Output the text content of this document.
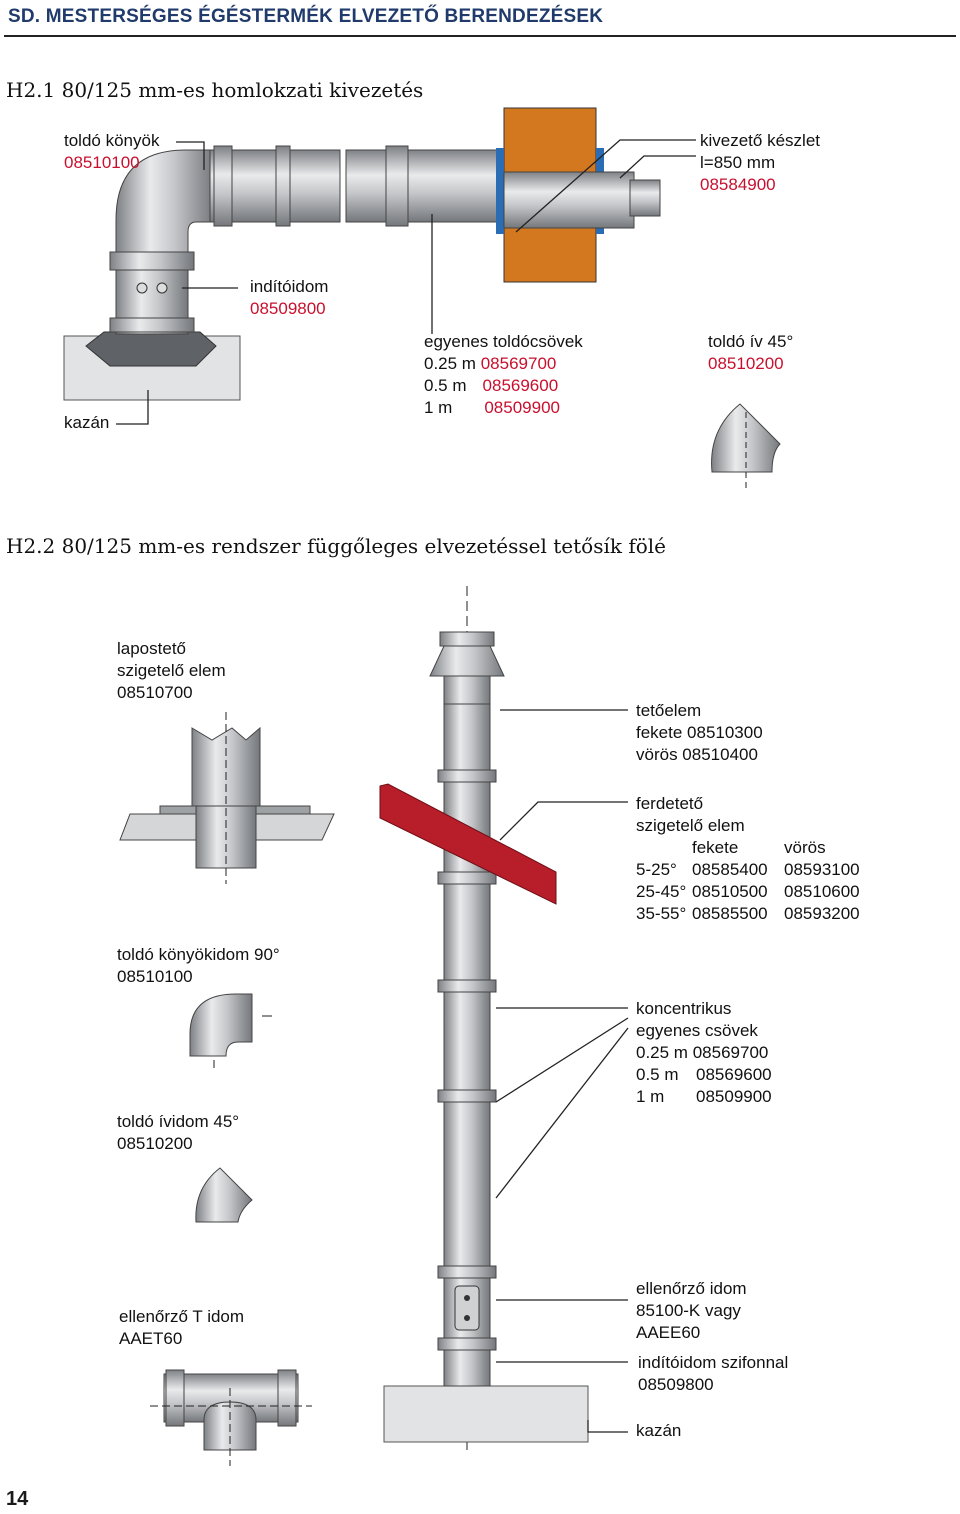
SD. MESTERSÉGES ÉGÉSTERMÉK ELVEZETŐ BERENDEZÉSEK
H2.1 80/125 mm-es homlokzati kivezetés
toldó könyök
08510100
kivezető készlet
l=850 mm
08584900
indítóidom
08509800
kazán
egyenes toldócsövek
0.25 m 08569700
0.5 m 08569600
1 m 08509900
toldó ív 45°
08510200
H2.2 80/125 mm-es rendszer függőleges elvezetéssel tetősík fölé
lapostető
szigetelő elem
08510700
tetőelem
fekete 08510300
vörös 08510400
ferdetető
szigetelő elem
fekete	vörös
5-25° 08585400 08593100
25-45° 08510500 08510600
35-55° 08585500 08593200
toldó könyökidom 90°
08510100
koncentrikus
egyenes csövek
0.25 m 08569700
0.5 m 08569600
1 m 08509900
toldó ívidom 45°
08510200
ellenőrző idom
85100-K vagy
AAEE60
indítóidom szifonnal
08509800
ellenőrző T idom
AAET60
kazán
14
